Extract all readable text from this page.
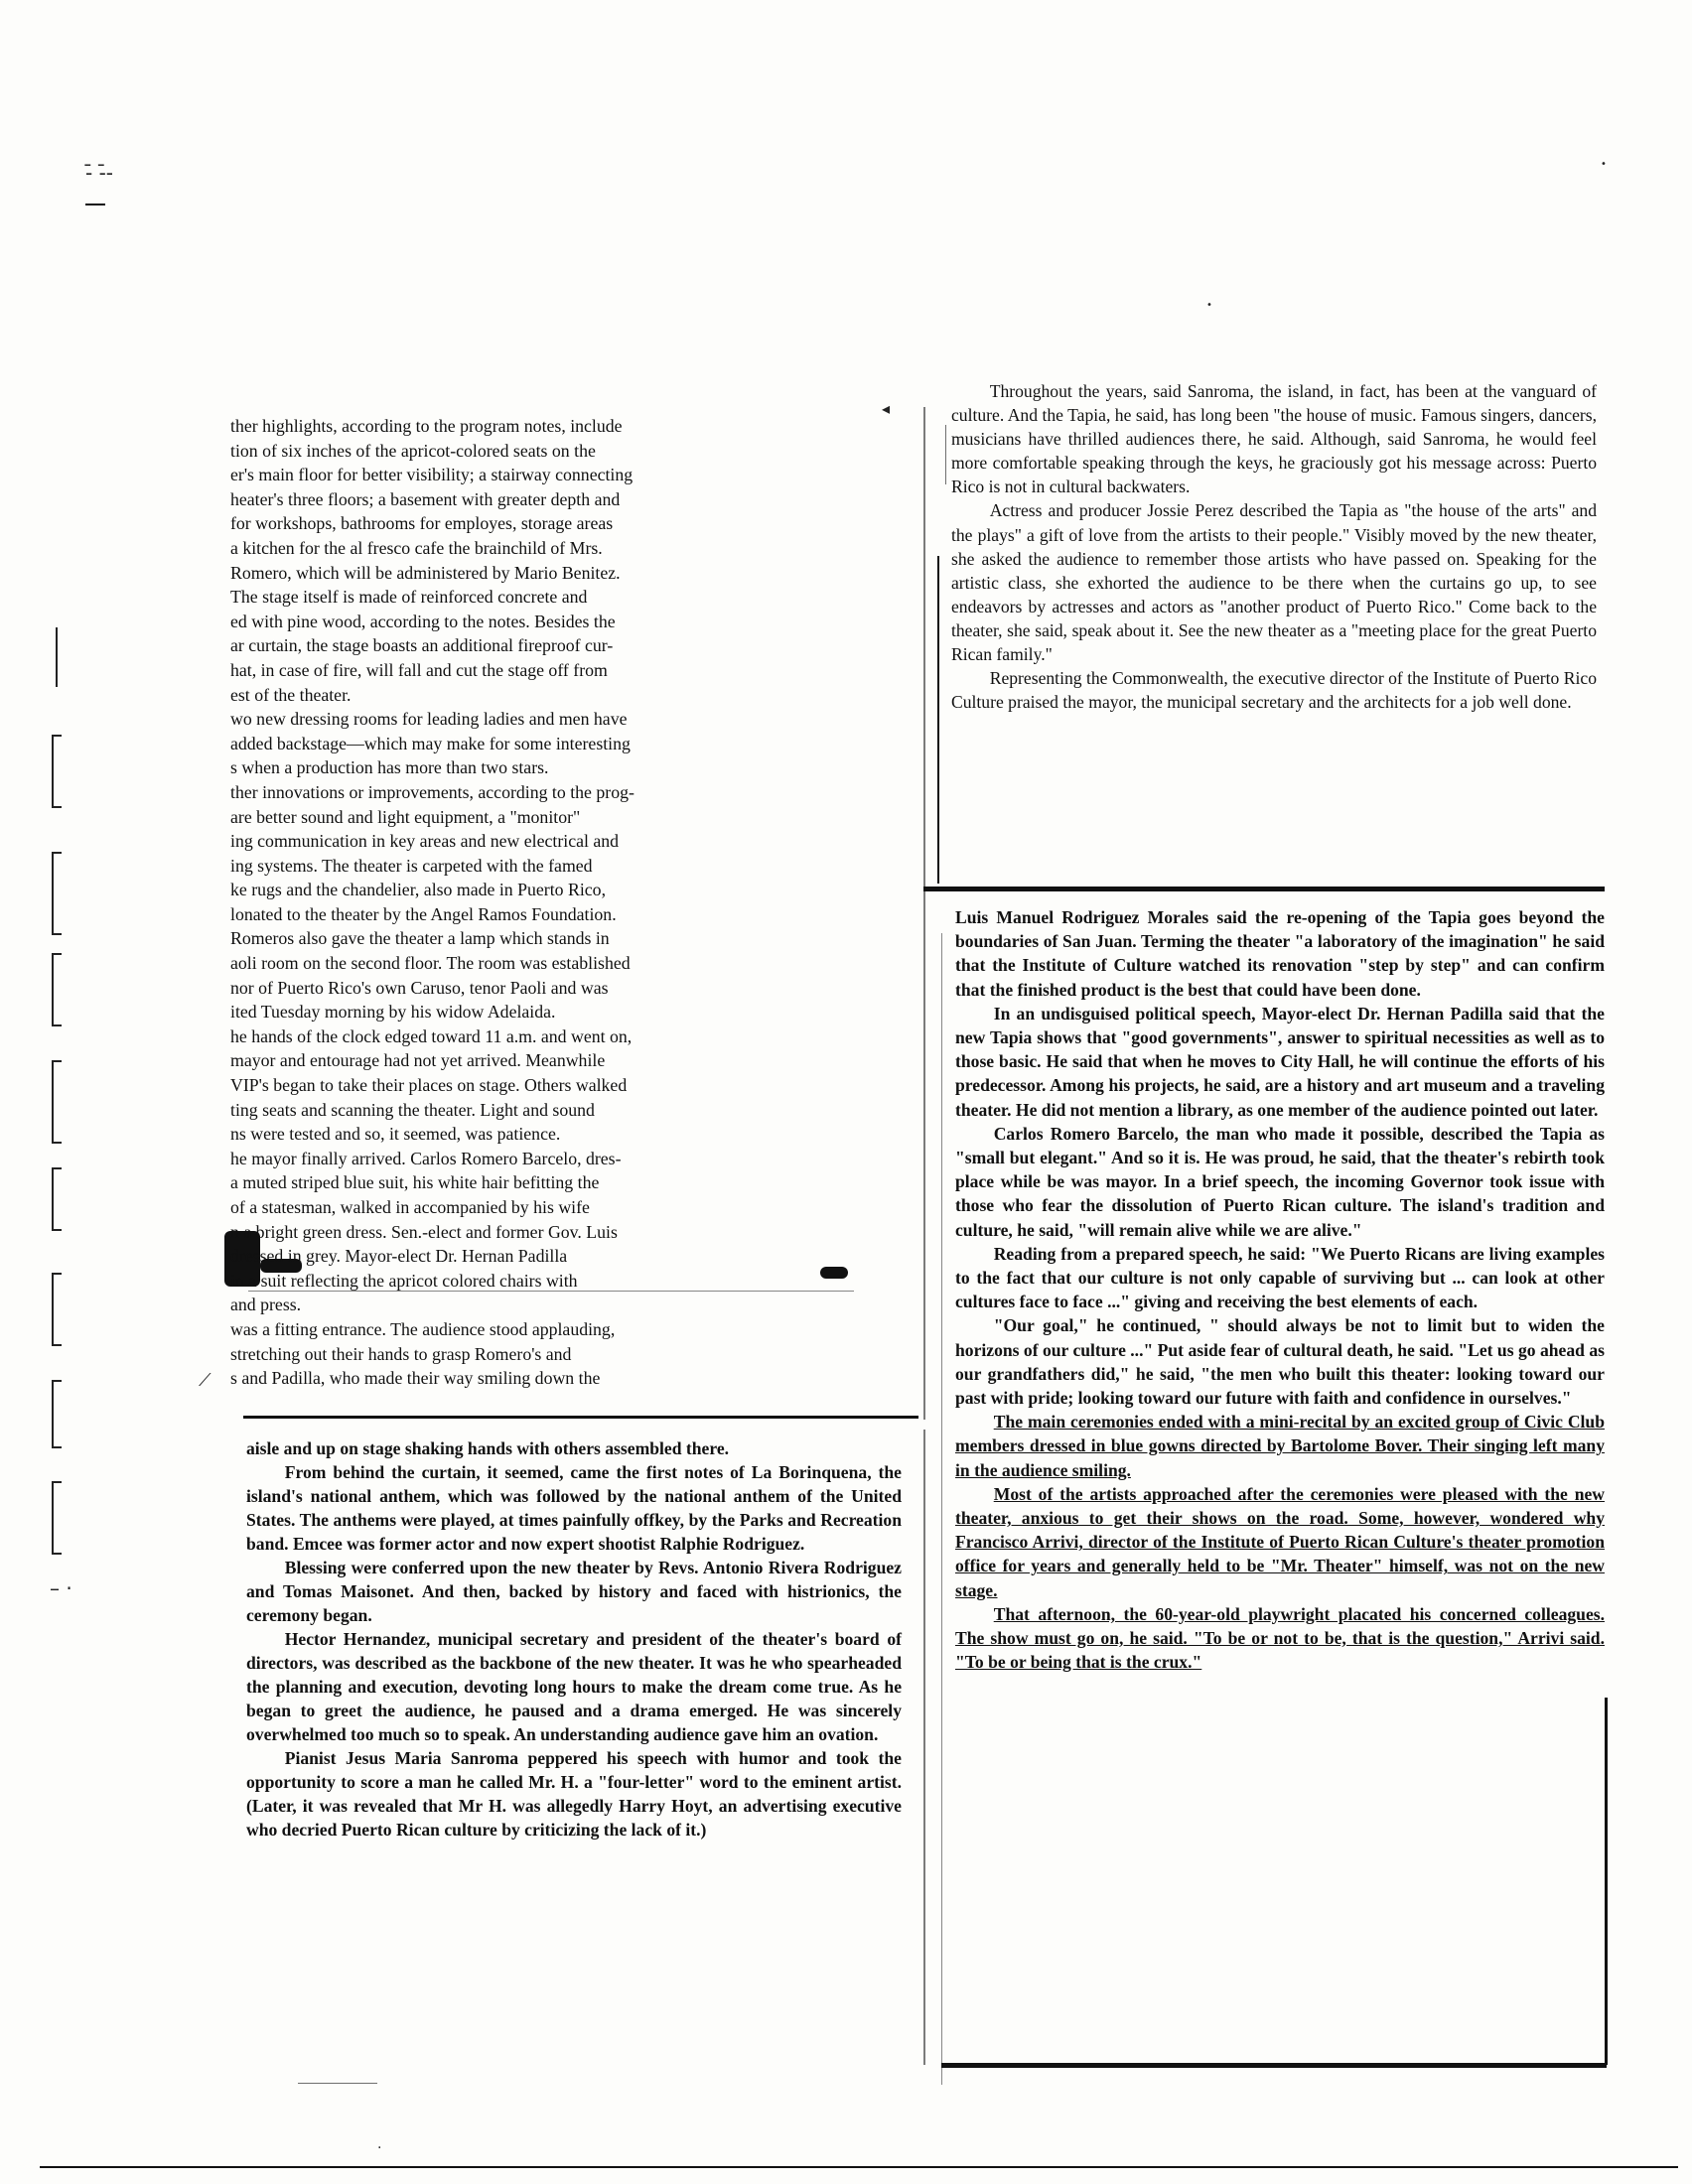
-̄ -̄-	•
•
– ·
◂
·
⟋

ther highlights, according to the program notes, include

tion of six inches of the apricot-colored seats on the

er's main floor for better visibility; a stairway connecting

heater's three floors; a basement with greater depth and

for workshops, bathrooms for employes, storage areas

a kitchen for the al fresco cafe the brainchild of Mrs.

Romero, which will be administered by Mario Benitez.

The stage itself is made of reinforced concrete and

ed with pine wood, according to the notes. Besides the

ar curtain, the stage boasts an additional fireproof cur-

hat, in case of fire, will fall and cut the stage off from

est of the theater.

wo new dressing rooms for leading ladies and men have

added backstage—which may make for some interesting

s when a production has more than two stars.

ther innovations or improvements, according to the prog-

are better sound and light equipment, a "monitor"

ing communication in key areas and new electrical and

ing systems. The theater is carpeted with the famed

ke rugs and the chandelier, also made in Puerto Rico,

lonated to the theater by the Angel Ramos Foundation.

Romeros also gave the theater a lamp which stands in

aoli room on the second floor. The room was established

nor of Puerto Rico's own Caruso, tenor Paoli and was

ited Tuesday morning by his widow Adelaida.

he hands of the clock edged toward 11 a.m. and went on,

mayor and entourage had not yet arrived. Meanwhile

VIP's began to take their places on stage. Others walked

ting seats and scanning the theater. Light and sound

ns were tested and so, it seemed, was patience.

he mayor finally arrived. Carlos Romero Barcelo, dres-

a muted striped blue suit, his white hair befitting the

of a statesman, walked in accompanied by his wife

n a bright green dress. Sen.-elect and former Gov. Luis

dressed in grey. Mayor-elect Dr. Hernan Padilla

in a suit reflecting the apricot colored chairs with

and press.

was a fitting entrance. The audience stood applauding,

stretching out their hands to grasp Romero's and

s and Padilla, who made their way smiling down the

aisle and up on stage shaking hands with others assembled there.

From behind the curtain, it seemed, came the first notes of La Borinquena, the island's national anthem, which was followed by the national anthem of the United States. The anthems were played, at times painfully offkey, by the Parks and Recreation band. Emcee was former actor and now expert shootist Ralphie Rodriguez.

Blessing were conferred upon the new theater by Revs. Antonio Rivera Rodriguez and Tomas Maisonet. And then, backed by history and faced with histrionics, the ceremony began.

Hector Hernandez, municipal secretary and president of the theater's board of directors, was described as the backbone of the new theater. It was he who spearheaded the planning and execution, devoting long hours to make the dream come true. As he began to greet the audience, he paused and a drama emerged. He was sincerely overwhelmed too much so to speak. An understanding audience gave him an ovation.

Pianist Jesus Maria Sanroma peppered his speech with humor and took the opportunity to score a man he called Mr. H. a "four-letter" word to the eminent artist. (Later, it was revealed that Mr H. was allegedly Harry Hoyt, an advertising executive who decried Puerto Rican culture by criticizing the lack of it.)

Throughout the years, said Sanroma, the island, in fact, has been at the vanguard of culture. And the Tapia, he said, has long been "the house of music. Famous singers, dancers, musicians have thrilled audiences there, he said. Although, said Sanroma, he would feel more comfortable speaking through the keys, he graciously got his message across: Puerto Rico is not in cultural backwaters.

Actress and producer Jossie Perez described the Tapia as "the house of the arts" and the plays" a gift of love from the artists to their people." Visibly moved by the new theater, she asked the audience to remember those artists who have passed on. Speaking for the artistic class, she exhorted the audience to be there when the curtains go up, to see endeavors by actresses and actors as "another product of Puerto Rico." Come back to the theater, she said, speak about it. See the new theater as a "meeting place for the great Puerto Rican family."

Representing the Commonwealth, the executive director of the Institute of Puerto Rico Culture praised the mayor, the municipal secretary and the architects for a job well done.

Luis Manuel Rodriguez Morales said the re-opening of the Tapia goes beyond the boundaries of San Juan. Terming the theater "a laboratory of the imagination" he said that the Institute of Culture watched its renovation "step by step" and can confirm that the finished product is the best that could have been done.

In an undisguised political speech, Mayor-elect Dr. Hernan Padilla said that the new Tapia shows that "good governments", answer to spiritual necessities as well as to those basic. He said that when he moves to City Hall, he will continue the efforts of his predecessor. Among his projects, he said, are a history and art museum and a traveling theater. He did not mention a library, as one member of the audience pointed out later.

Carlos Romero Barcelo, the man who made it possible, described the Tapia as "small but elegant." And so it is. He was proud, he said, that the theater's rebirth took place while be was mayor. In a brief speech, the incoming Governor took issue with those who fear the dissolution of Puerto Rican culture. The island's tradition and culture, he said, "will remain alive while we are alive."

Reading from a prepared speech, he said: "We Puerto Ricans are living examples to the fact that our culture is not only capable of surviving but ... can look at other cultures face to face ..." giving and receiving the best elements of each.

"Our goal," he continued, " should always be not to limit but to widen the horizons of our culture ..." Put aside fear of cultural death, he said. "Let us go ahead as our grandfathers did," he said, "the men who built this theater: looking toward our past with pride; looking toward our future with faith and confidence in ourselves."

The main ceremonies ended with a mini-recital by an excited group of Civic Club members dressed in blue gowns directed by Bartolome Bover. Their singing left many in the audience smiling.

Most of the artists approached after the ceremonies were pleased with the new theater, anxious to get their shows on the road. Some, however, wondered why Francisco Arrivi, director of the Institute of Puerto Rican Culture's theater promotion office for years and generally held to be "Mr. Theater" himself, was not on the new stage.

That afternoon, the 60-year-old playwright placated his concerned colleagues. The show must go on, he said. "To be or not to be, that is the question," Arrivi said. "To be or being that is the crux."
